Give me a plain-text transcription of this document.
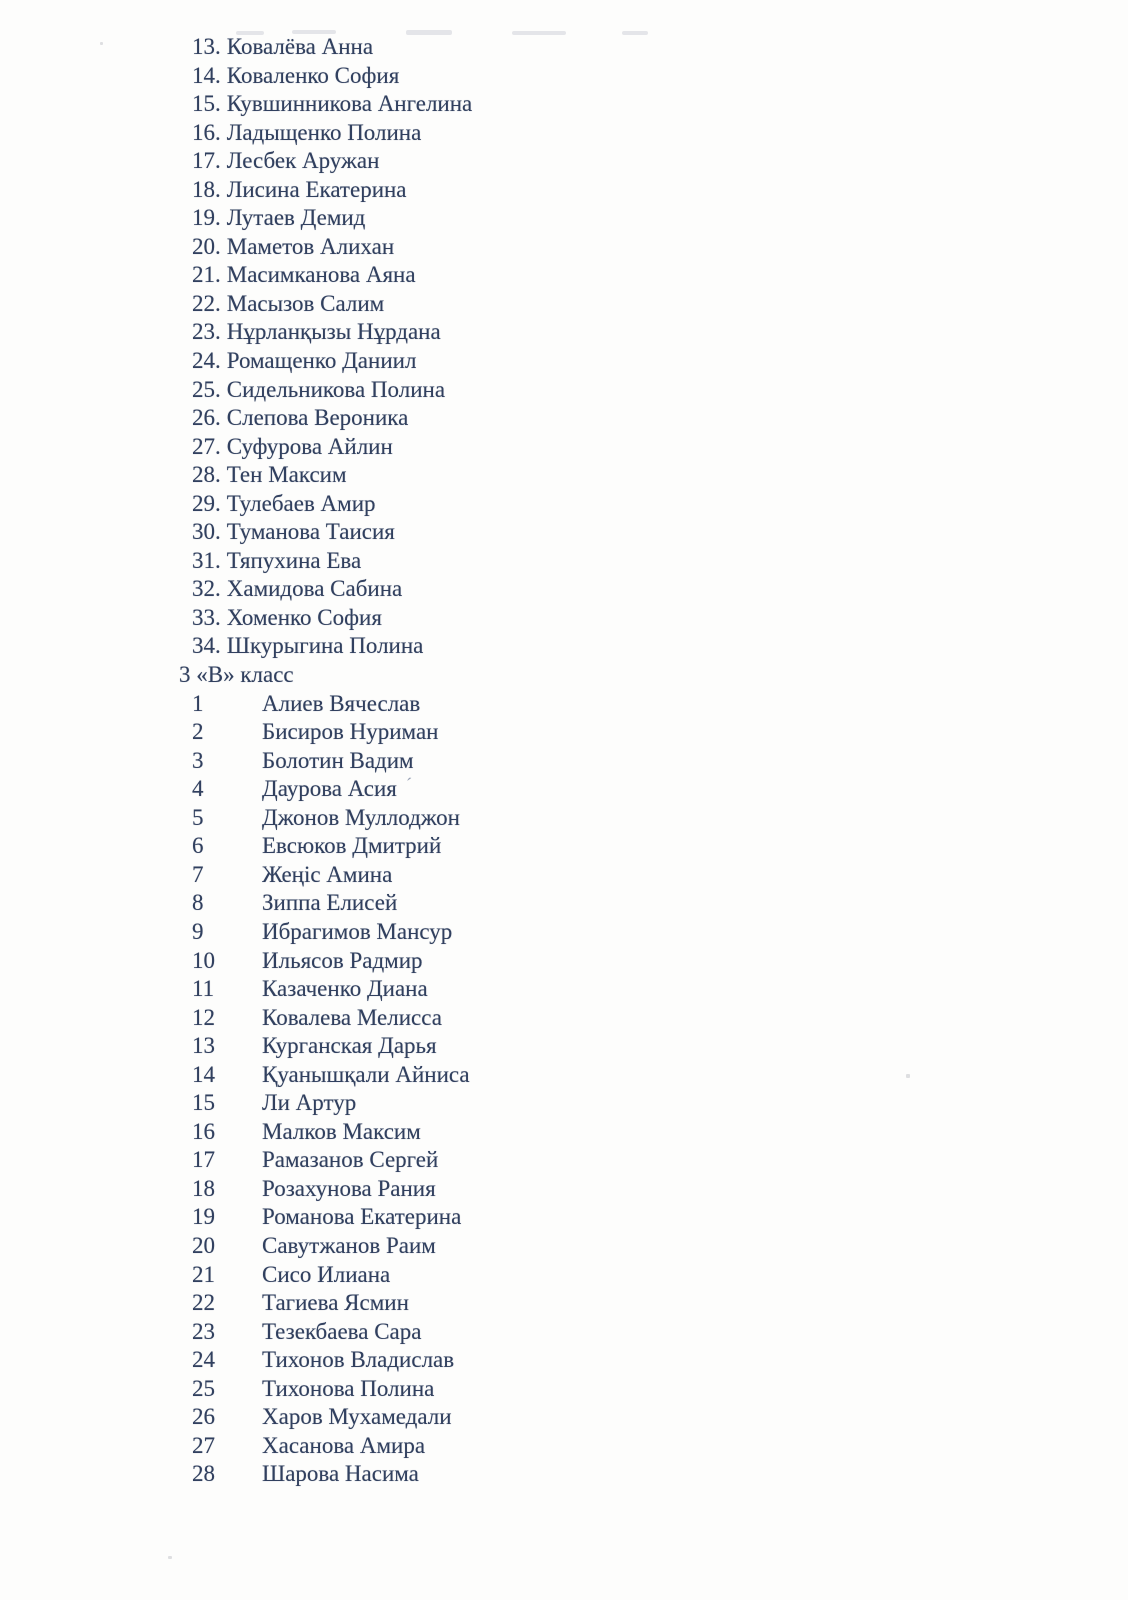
13. Ковалёва Анна
14. Коваленко София
15. Кувшинникова Ангелина
16. Ладыщенко Полина
17. Лесбек Аружан
18. Лисина Екатерина
19. Лутаев Демид
20. Маметов Алихан
21. Масимканова Аяна
22. Масызов Салим
23. Нұрланқызы Нұрдана
24. Ромащенко Даниил
25. Сидельникова Полина
26. Слепова Вероника
27. Суфурова Айлин
28. Тен Максим
29. Тулебаев Амир
30. Туманова Таисия
31. Тяпухина Ева
32. Хамидова Сабина
33. Хоменко София
34. Шкурыгина Полина
3 «В» класс
1	Алиев Вячеслав
2	Бисиров Нуриман
3	Болотин Вадим
4	Даурова Асия ˊ
5	Джонов Муллоджон
6	Евсюков Дмитрий
7	Жеңіс Амина
8	Зиппа Елисей
9	Ибрагимов Мансур
10 Ильясов Радмир
11 Казаченко Диана
12 Ковалева Мелисса
13 Курганская Дарья
14 Қуанышқали Айниса
15 Ли Артур
16 Малков Максим
17 Рамазанов Сергей
18 Розахунова Рания
19 Романова Екатерина
20 Савутжанов Раим
21 Сисо Илиана
22 Тагиева Ясмин
23 Тезекбаева Сара
24 Тихонов Владислав
25 Тихонова Полина
26 Харов Мухамедали
27 Хасанова Амира
28 Шарова Насима
